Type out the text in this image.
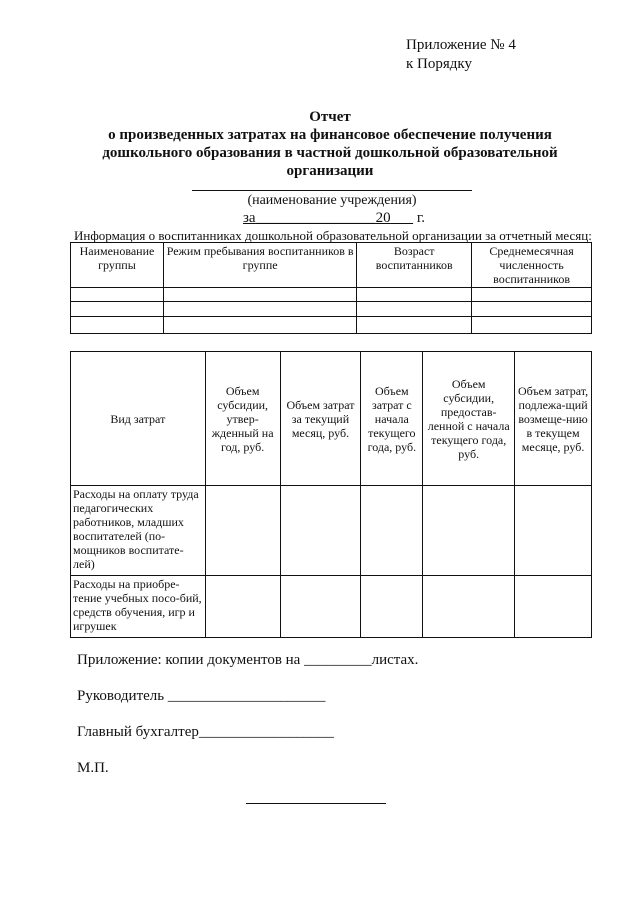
Приложение № 4
к Порядку
Отчет
о произведенных затратах на финансовое обеспечение получения
дошкольного образования в частной дошкольной образовательной
организации
(наименование учреждения)
за________________20 г.
Информация о воспитанниках дошкольной образовательной организации за отчетный месяц:
Наименование группы	Режим пребывания воспитанников в группе	Возраст воспитанников	Среднемесячная численность воспитанников

Вид затрат	Объем субсидии, утвер-жденный на год, руб.	Объем затрат за текущий месяц, руб.	Объем затрат с начала текущего года, руб.	Объем субсидии, предостав-ленной с начала текущего года, руб.	Объем затрат, подлежа-щий возмеще-нию в текущем месяце, руб.
Расходы на оплату труда педагогических работников, младших воспитателей (по-мощников воспитате-лей)					
Расходы на приобре-тение учебных посо-бий, средств обучения, игр и игрушек					
Приложение: копии документов на _________листах.
Руководитель _____________________
Главный бухгалтер__________________
М.П.
